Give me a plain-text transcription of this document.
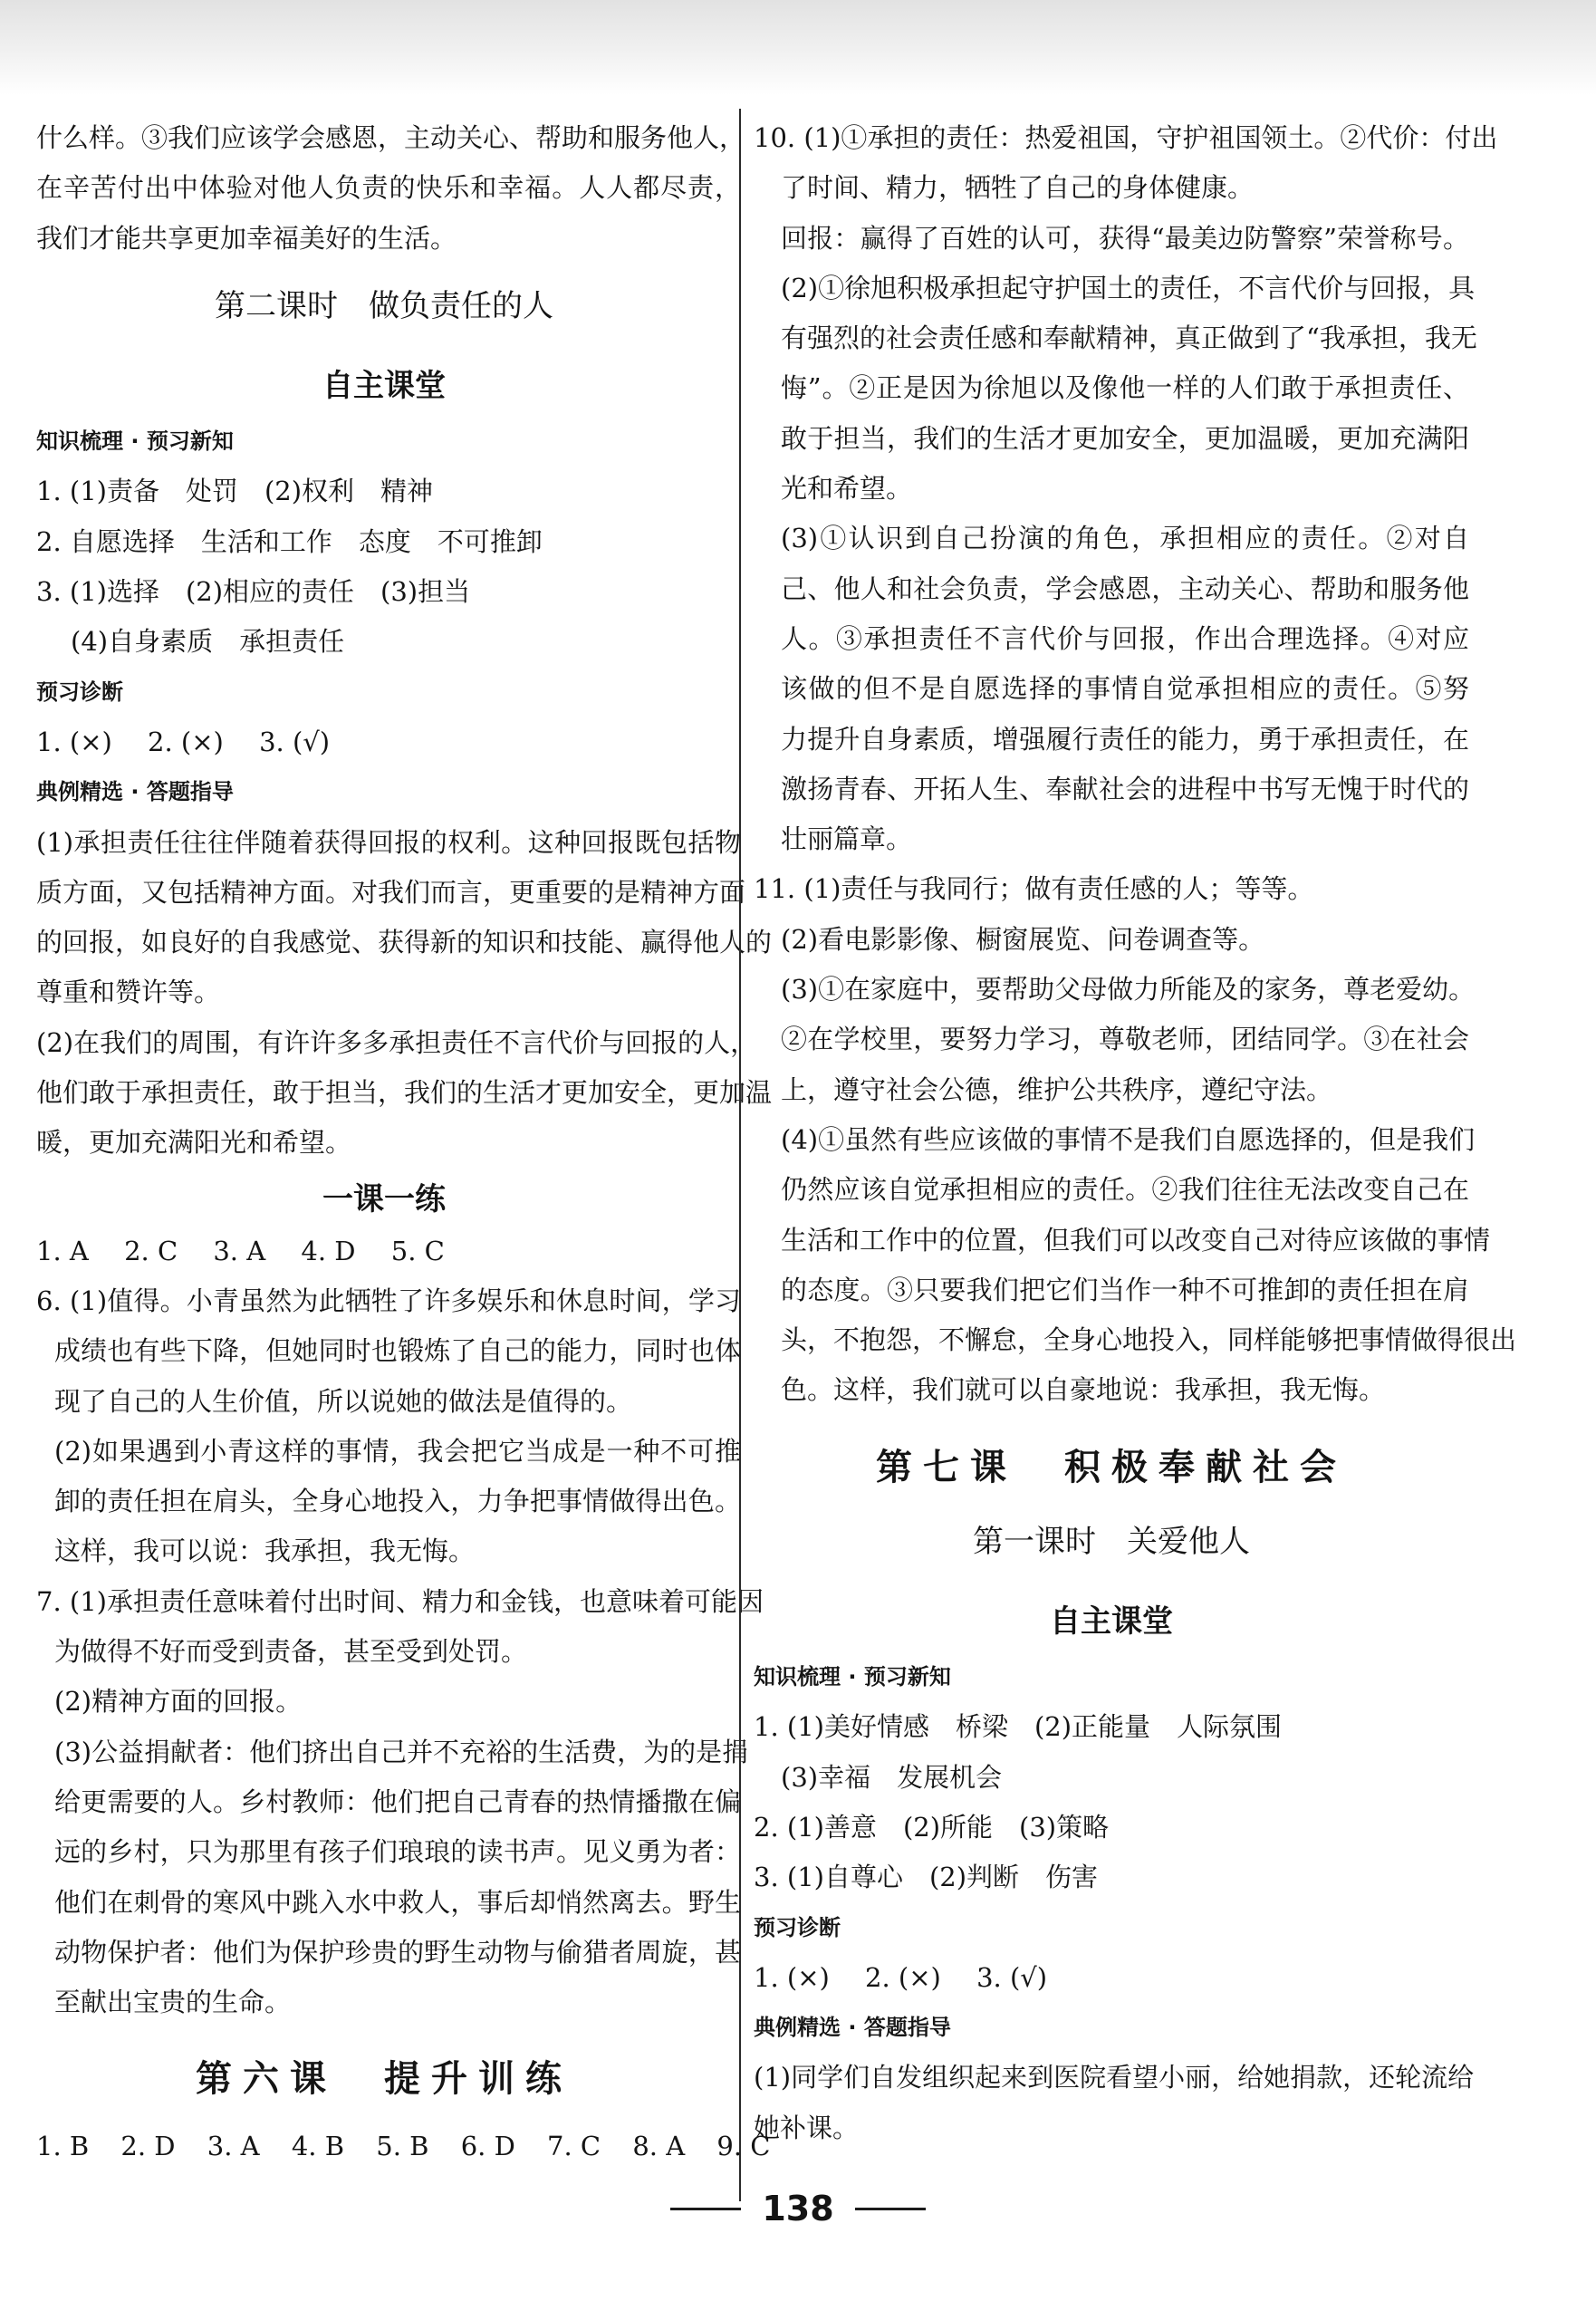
什么样。③我们应该学会感恩，主动关心、帮助和服务他人，
在辛苦付出中体验对他人负责的快乐和幸福。人人都尽责，
我们才能共享更加幸福美好的生活。
第二课时　做负责任的人
自主课堂
知识梳理 · 预习新知
1. (1)责备　处罚　(2)权利　精神
2. 自愿选择　生活和工作　态度　不可推卸
3. (1)选择　(2)相应的责任　(3)担当
(4)自身素质　承担责任
预习诊断
1. (×) 2. (×) 3. (√)
典例精选 · 答题指导
(1)承担责任往往伴随着获得回报的权利。这种回报既包括物
质方面，又包括精神方面。对我们而言，更重要的是精神方面
的回报，如良好的自我感觉、获得新的知识和技能、赢得他人的
尊重和赞许等。
(2)在我们的周围，有许许多多承担责任不言代价与回报的人，
他们敢于承担责任，敢于担当，我们的生活才更加安全，更加温
暖，更加充满阳光和希望。
一课一练
1. A 2. C 3. A 4. D 5. C
6. (1)值得。小青虽然为此牺牲了许多娱乐和休息时间，学习
成绩也有些下降，但她同时也锻炼了自己的能力，同时也体
现了自己的人生价值，所以说她的做法是值得的。
(2)如果遇到小青这样的事情，我会把它当成是一种不可推
卸的责任担在肩头，全身心地投入，力争把事情做得出色。
这样，我可以说：我承担，我无悔。
7. (1)承担责任意味着付出时间、精力和金钱，也意味着可能因
为做得不好而受到责备，甚至受到处罚。
(2)精神方面的回报。
(3)公益捐献者：他们挤出自己并不充裕的生活费，为的是捐
给更需要的人。乡村教师：他们把自己青春的热情播撒在偏
远的乡村，只为那里有孩子们琅琅的读书声。见义勇为者：
他们在刺骨的寒风中跳入水中救人，事后却悄然离去。野生
动物保护者：他们为保护珍贵的野生动物与偷猎者周旋，甚
至献出宝贵的生命。
第六课　提升训练
1. B 2. D 3. A 4. B 5. B 6. D 7. C 8. A 9. C
10. (1)①承担的责任：热爱祖国，守护祖国领土。②代价：付出
了时间、精力，牺牲了自己的身体健康。
回报：赢得了百姓的认可，获得“最美边防警察”荣誉称号。
(2)①徐旭积极承担起守护国土的责任，不言代价与回报，具
有强烈的社会责任感和奉献精神，真正做到了“我承担，我无
悔”。②正是因为徐旭以及像他一样的人们敢于承担责任、
敢于担当，我们的生活才更加安全，更加温暖，更加充满阳
光和希望。
(3)①认识到自己扮演的角色，承担相应的责任。②对自
己、他人和社会负责，学会感恩，主动关心、帮助和服务他
人。③承担责任不言代价与回报，作出合理选择。④对应
该做的但不是自愿选择的事情自觉承担相应的责任。⑤努
力提升自身素质，增强履行责任的能力，勇于承担责任，在
激扬青春、开拓人生、奉献社会的进程中书写无愧于时代的
壮丽篇章。
11. (1)责任与我同行；做有责任感的人；等等。
(2)看电影影像、橱窗展览、问卷调查等。
(3)①在家庭中，要帮助父母做力所能及的家务，尊老爱幼。
②在学校里，要努力学习，尊敬老师，团结同学。③在社会
上，遵守社会公德，维护公共秩序，遵纪守法。
(4)①虽然有些应该做的事情不是我们自愿选择的，但是我们
仍然应该自觉承担相应的责任。②我们往往无法改变自己在
生活和工作中的位置，但我们可以改变自己对待应该做的事情
的态度。③只要我们把它们当作一种不可推卸的责任担在肩
头，不抱怨，不懈怠，全身心地投入，同样能够把事情做得很出
色。这样，我们就可以自豪地说：我承担，我无悔。
第七课　积极奉献社会
第一课时　关爱他人
自主课堂
知识梳理 · 预习新知
1. (1)美好情感　桥梁　(2)正能量　人际氛围
(3)幸福　发展机会
2. (1)善意　(2)所能　(3)策略
3. (1)自尊心　(2)判断　伤害
预习诊断
1. (×) 2. (×) 3. (√)
典例精选 · 答题指导
(1)同学们自发组织起来到医院看望小丽，给她捐款，还轮流给
她补课。
138
